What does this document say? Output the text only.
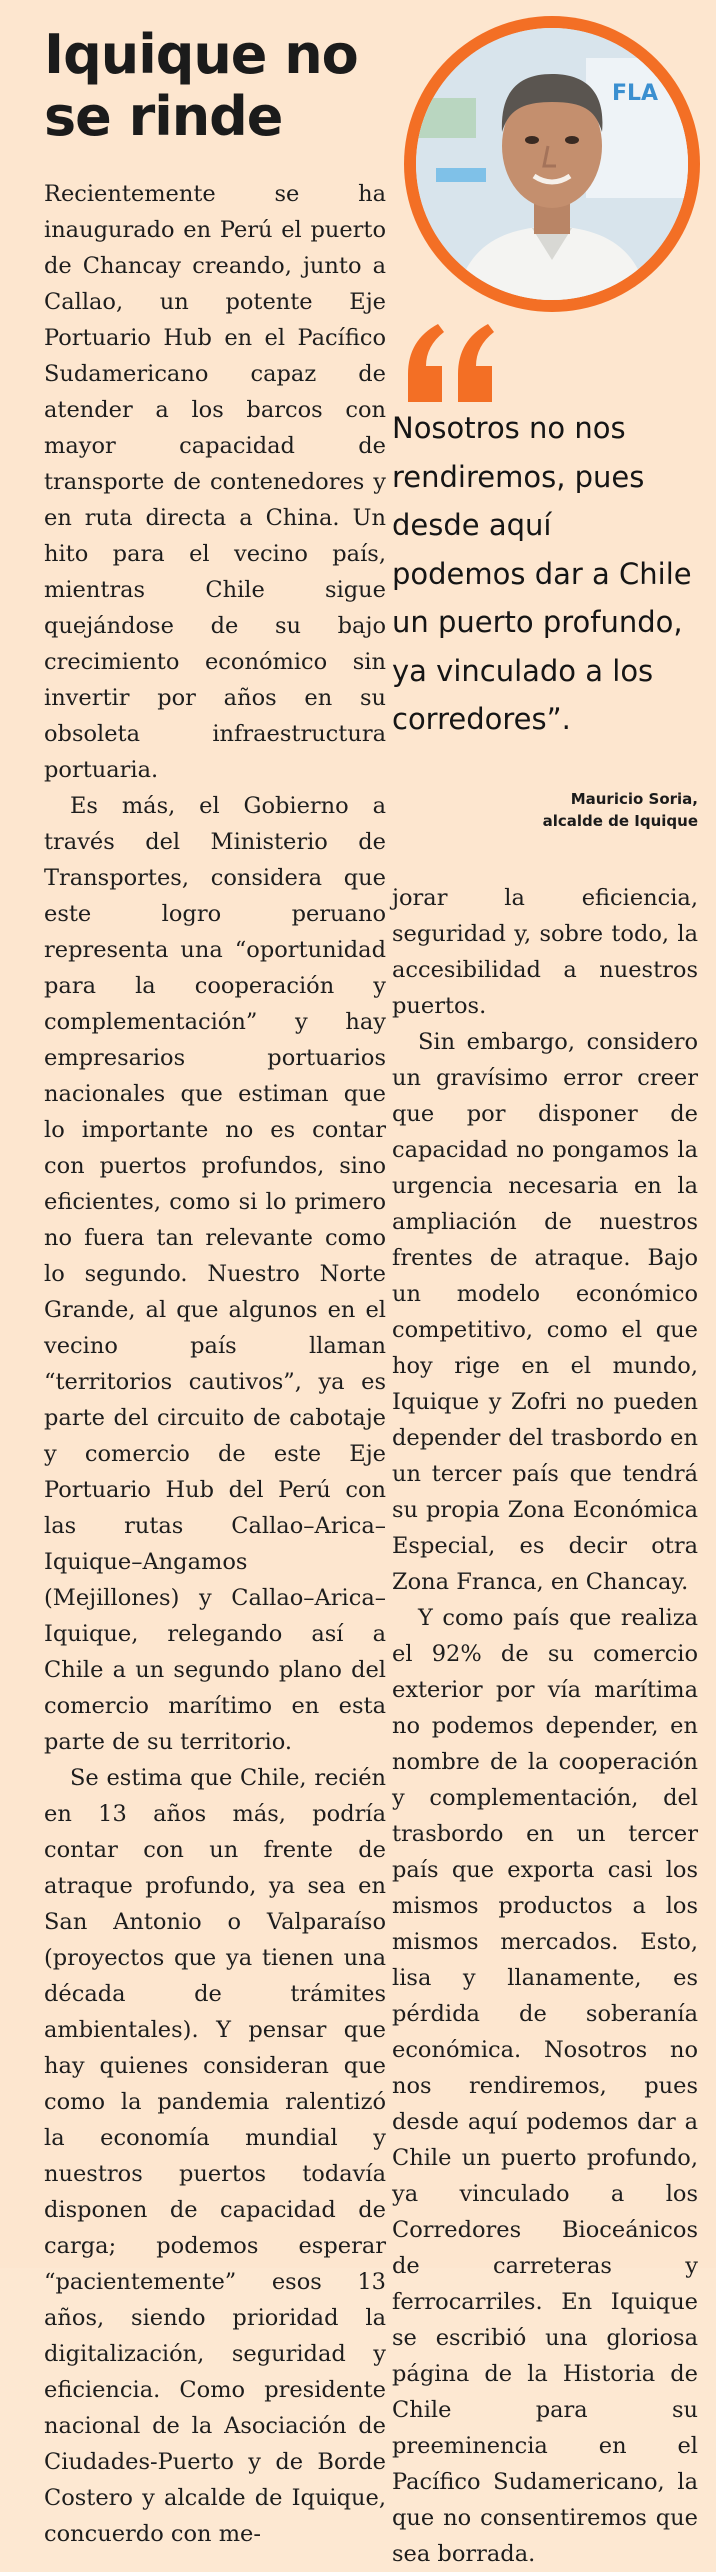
Iquique no se rinde	FLA

Nosotros no nos rendiremos, pues desde aquí podemos dar a Chile un puerto profundo, ya vinculado a los corredores”.

Mauricio Soria,
alcalde de Iquique

Recientemente se ha inaugurado en Perú el puerto de Chancay creando, junto a Callao, un potente Eje Portuario Hub en el Pacífico Sudamericano capaz de atender a los barcos con mayor capacidad de transporte de contenedores y en ruta directa a China. Un hito para el vecino país, mientras Chile sigue quejándose de su bajo crecimiento económico sin invertir por años en su obsoleta infraestructura portuaria.

Es más, el Gobierno a través del Ministerio de Transportes, considera que este logro peruano representa una “oportunidad para la cooperación y complementación” y hay empresarios portuarios nacionales que estiman que lo importante no es contar con puertos profundos, sino eficientes, como si lo primero no fuera tan relevante como lo segundo. Nuestro Norte Grande, al que algunos en el vecino país llaman “territorios cautivos”, ya es parte del circuito de cabotaje y comercio de este Eje Portuario Hub del Perú con las rutas Callao–Arica–Iquique–Angamos (Mejillones) y Callao–Arica–Iquique, relegando así a Chile a un segundo plano del comercio marítimo en esta parte de su territorio.

Se estima que Chile, recién en 13 años más, podría contar con un frente de atraque profundo, ya sea en San Antonio o Valparaíso (proyectos que ya tienen una década de trámites ambientales). Y pensar que hay quienes consideran que como la pandemia ralentizó la economía mundial y nuestros puertos todavía disponen de capacidad de carga; podemos esperar “pacientemente” esos 13 años, siendo prioridad la digitalización, seguridad y eficiencia. Como presidente nacional de la Asociación de Ciudades-Puerto y de Borde Costero y alcalde de Iquique, concuerdo con me-

jorar la eficiencia, seguridad y, sobre todo, la accesibilidad a nuestros puertos.

Sin embargo, considero un gravísimo error creer que por disponer de capacidad no pongamos la urgencia necesaria en la ampliación de nuestros frentes de atraque. Bajo un modelo económico competitivo, como el que hoy rige en el mundo, Iquique y Zofri no pueden depender del trasbordo en un tercer país que tendrá su propia Zona Económica Especial, es decir otra Zona Franca, en Chancay.

Y como país que realiza el 92% de su comercio exterior por vía marítima no podemos depender, en nombre de la cooperación y complementación, del trasbordo en un tercer país que exporta casi los mismos productos a los mismos mercados. Esto, lisa y llanamente, es pérdida de soberanía económica. Nosotros no nos rendiremos, pues desde aquí podemos dar a Chile un puerto profundo, ya vinculado a los Corredores Bioceánicos de carreteras y ferrocarriles. En Iquique se escribió una gloriosa página de la Historia de Chile para su preeminencia en el Pacífico Sudamericano, la que no consentiremos que sea borrada.
